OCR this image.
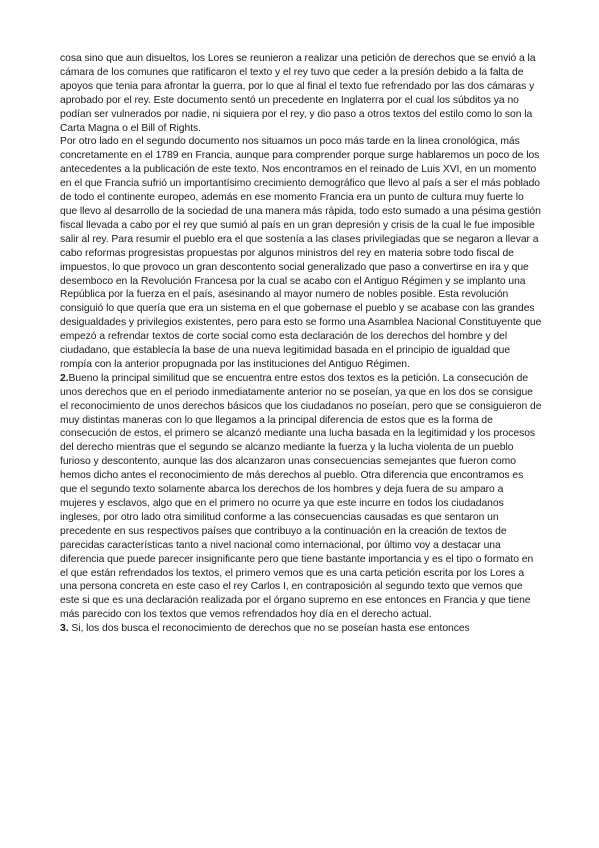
cosa sino que aun disueltos, los Lores se reunieron a realizar una petición de derechos que se envió a la cámara de los comunes que ratificaron el texto y el rey tuvo que ceder a la presión debido a la falta de apoyos que tenia para afrontar la guerra, por lo que al final el texto fue refrendado por las dos cámaras y aprobado por el rey. Este documento sentó un precedente en Inglaterra por el cual los súbditos ya no podían ser vulnerados por nadie, ni siquiera por el rey, y dio paso a otros textos del estilo como lo son la Carta Magna o el Bill of Rights.

Por otro lado en el segundo documento nos situamos un poco más tarde en la linea cronológica, más concretamente en el 1789 en Francia, aunque para comprender porque surge hablaremos un poco de los antecedentes a la publicación de este texto. Nos encontramos en el reinado de Luis XVI, en un momento en el que Francia sufrió un importantísimo crecimiento demográfico que llevo al país a ser el más poblado de todo el continente europeo, además en ese momento Francia era un punto de cultura muy fuerte lo que llevo al desarrollo de la sociedad de una manera más rápida, todo esto sumado a una pésima gestión fiscal llevada a cabo por el rey que sumió al país en un gran depresión y crisis de la cual le fue imposible salir al rey. Para resumir el pueblo era el que sostenía a las clases privilegiadas que se negaron a llevar a cabo reformas progresistas propuestas por algunos ministros del rey en materia sobre todo fiscal de impuestos, lo que provoco un gran descontento social generalizado que paso a convertirse en ira y que desemboco en la Revolución Francesa por la cual se acabo con el Antiguo Régimen y se implanto una República por la fuerza en el país, asesinando al mayor numero de nobles posible. Esta revolución consiguió lo que quería que era un sistema en el que gobernase el pueblo y se acabase con las grandes desigualdades y privilegios existentes, pero para esto se formo una Asamblea Nacional Constituyente que empezó a refrendar textos de corte social como esta declaración de los derechos del hombre y del ciudadano, que establecía la base de una nueva legitimidad basada en el principio de igualdad que rompía con la anterior propugnada por las instituciones del Antiguo Régimen.

2.Bueno la principal similitud que se encuentra entre estos dos textos es la petición. La consecución de unos derechos que en el periodo inmediatamente anterior no se poseían, ya que en los dos se consigue el reconocimiento de unos derechos básicos que los ciudadanos no poseían, pero que se consiguieron de muy distintas maneras con lo que llegamos a la principal diferencia de estos que es la forma de consecución de estos, el primero se alcanzó mediante una lucha basada en la legitimidad y los procesos del derecho mientras que el segundo se alcanzo mediante la fuerza y la lucha violenta de un pueblo furioso y descontento, aunque las dos alcanzaron unas consecuencias semejantes que fueron como hemos dicho antes el reconocimiento de más derechos al pueblo. Otra diferencia que encontramos es que el segundo texto solamente abarca los derechos de los hombres y deja fuera de su amparo a mujeres y esclavos, algo que en el primero no ocurre ya que este incurre en todos los ciudadanos ingleses, por otro lado otra similitud conforme a las consecuencias causadas es que sentaron un precedente en sus respectivos países que contribuyo a la continuación en la creación de textos de parecidas características tanto a nivel nacional como internacional, por último voy a destacar una diferencia que puede parecer insignificante pero que tiene bastante importancia y es el tipo o formato en el que están refrendados los textos, el primero vemos que es una carta petición escrita por los Lores a una persona concreta en este caso el rey Carlos I, en contraposición al segundo texto que vemos que este si que es una declaración realizada por el órgano supremo en ese entonces en Francia y que tiene más parecido con los textos que vemos refrendados hoy día en el derecho actual.

3. Si, los dos busca el reconocimiento de derechos que no se poseían hasta ese entonces
